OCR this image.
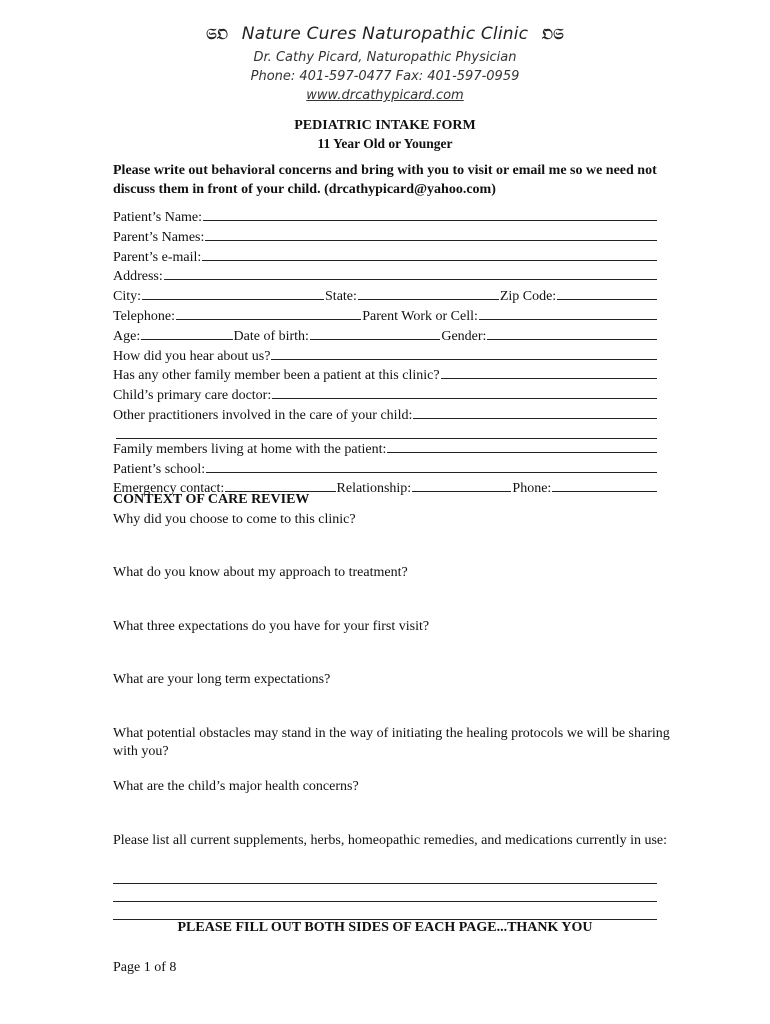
𝔖𝔒 Nature Cures Naturopathic Clinic 𝔒𝔖
Dr. Cathy Picard, Naturopathic Physician
Phone: 401-597-0477 Fax: 401-597-0959
www.drcathypicard.com
PEDIATRIC INTAKE FORM
11 Year Old or Younger
Please write out behavioral concerns and bring with you to visit or email me so we need not discuss them in front of your child. (drcathypicard@yahoo.com)
Patient’s Name:
Parent’s Names:
Parent’s e-mail:
Address:
City:	State:	Zip Code:
Telephone:	Parent Work or Cell:
Age:	Date of birth:	Gender:
How did you hear about us?
Has any other family member been a patient at this clinic?
Child’s primary care doctor:
Other practitioners involved in the care of your child:
Family members living at home with the patient:
Patient’s school:
Emergency contact:	Relationship:	Phone:
CONTEXT OF CARE REVIEW
Why did you choose to come to this clinic?
What do you know about my approach to treatment?
What three expectations do you have for your first visit?
What are your long term expectations?
What potential obstacles may stand in the way of initiating the healing protocols we will be sharing with you?
What are the child’s major health concerns?
Please list all current supplements, herbs, homeopathic remedies, and medications currently in use:
PLEASE FILL OUT BOTH SIDES OF EACH PAGE...THANK YOU
Page 1 of 8
